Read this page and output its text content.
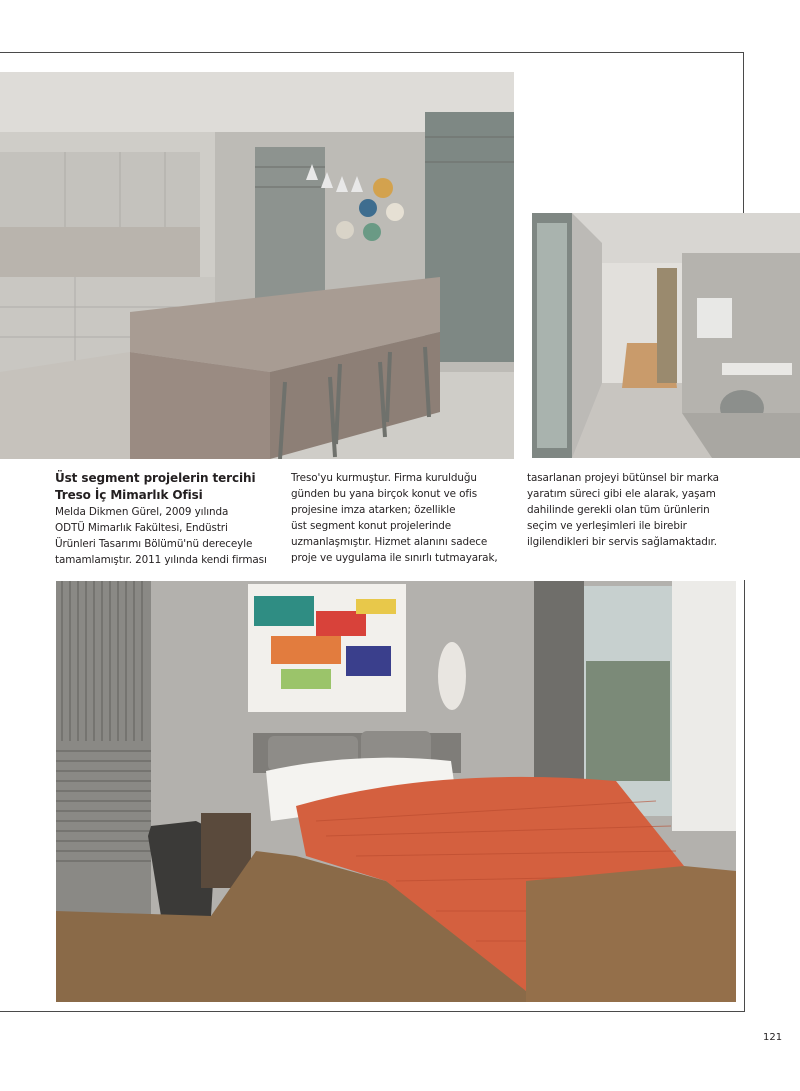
Üst segment projelerin tercihi
Treso İç Mimarlık Ofisi
Melda Dikmen Gürel, 2009 yılında
ODTÜ Mimarlık Fakültesi, Endüstri
Ürünleri Tasarımı Bölümü'nü dereceyle
tamamlamıştır. 2011 yılında kendi firması
Treso'yu kurmuştur. Firma kurulduğu
günden bu yana birçok konut ve ofis
projesine imza atarken; özellikle
üst segment konut projelerinde
uzmanlaşmıştır. Hizmet alanını sadece
proje ve uygulama ile sınırlı tutmayarak,
tasarlanan projeyi bütünsel bir marka
yaratım süreci gibi ele alarak, yaşam
dahilinde gerekli olan tüm ürünlerin
seçim ve yerleşimleri ile birebir
ilgilendikleri bir servis sağlamaktadır.
121
